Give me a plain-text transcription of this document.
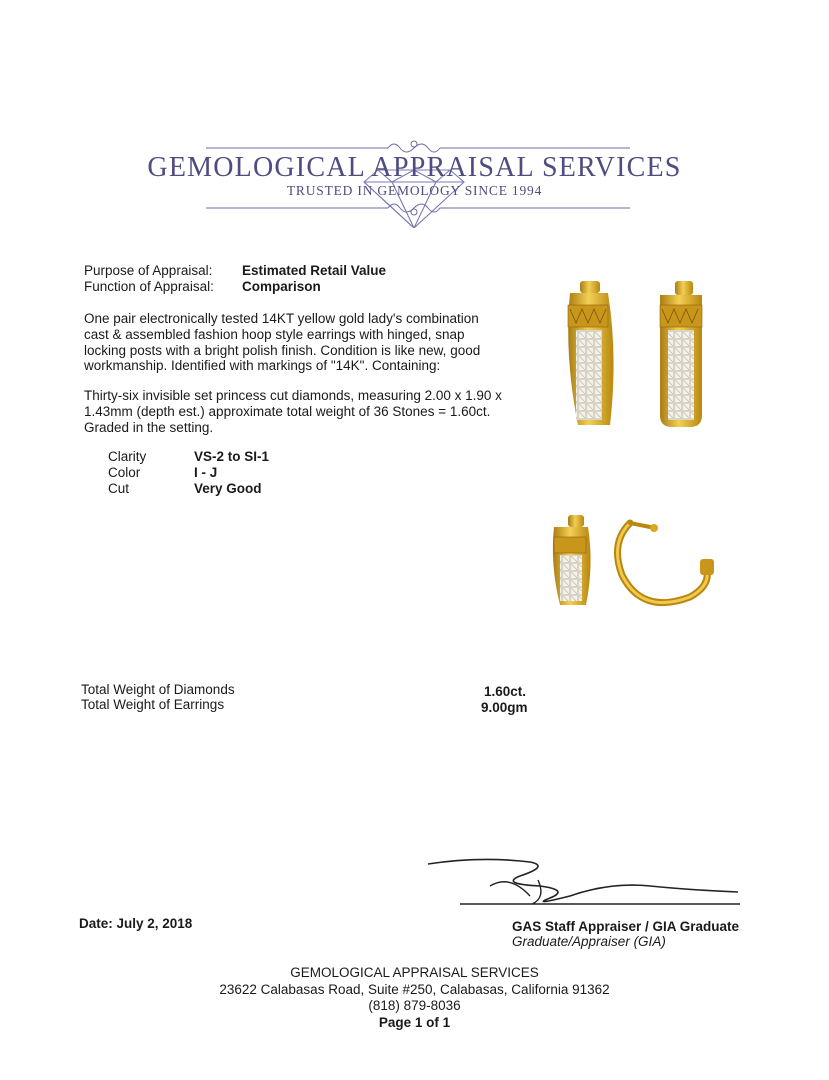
GEMOLOGICAL APPRAISAL SERVICES
TRUSTED IN GEMOLOGY SINCE 1994
Purpose of Appraisal: Estimated Retail Value
Function of Appraisal: Comparison
One pair electronically tested 14KT yellow gold lady's combination cast & assembled fashion hoop style earrings with hinged, snap locking posts with a bright polish finish. Condition is like new, good workmanship. Identified with markings of "14K". Containing:
Thirty-six invisible set princess cut diamonds, measuring 2.00 x 1.90 x 1.43mm (depth est.) approximate total weight of 36 Stones = 1.60ct. Graded in the setting.
Clarity	VS-2 to SI-1
Color	I - J
Cut	Very Good
Total Weight of Diamonds	1.60ct.
Total Weight of Earrings	9.00gm
Date: July 2, 2018	GAS Staff Appraiser / GIA Graduate
Graduate/Appraiser (GIA)
GEMOLOGICAL APPRAISAL SERVICES
23622 Calabasas Road, Suite #250, Calabasas, California 91362
(818) 879-8036
Page 1 of 1
